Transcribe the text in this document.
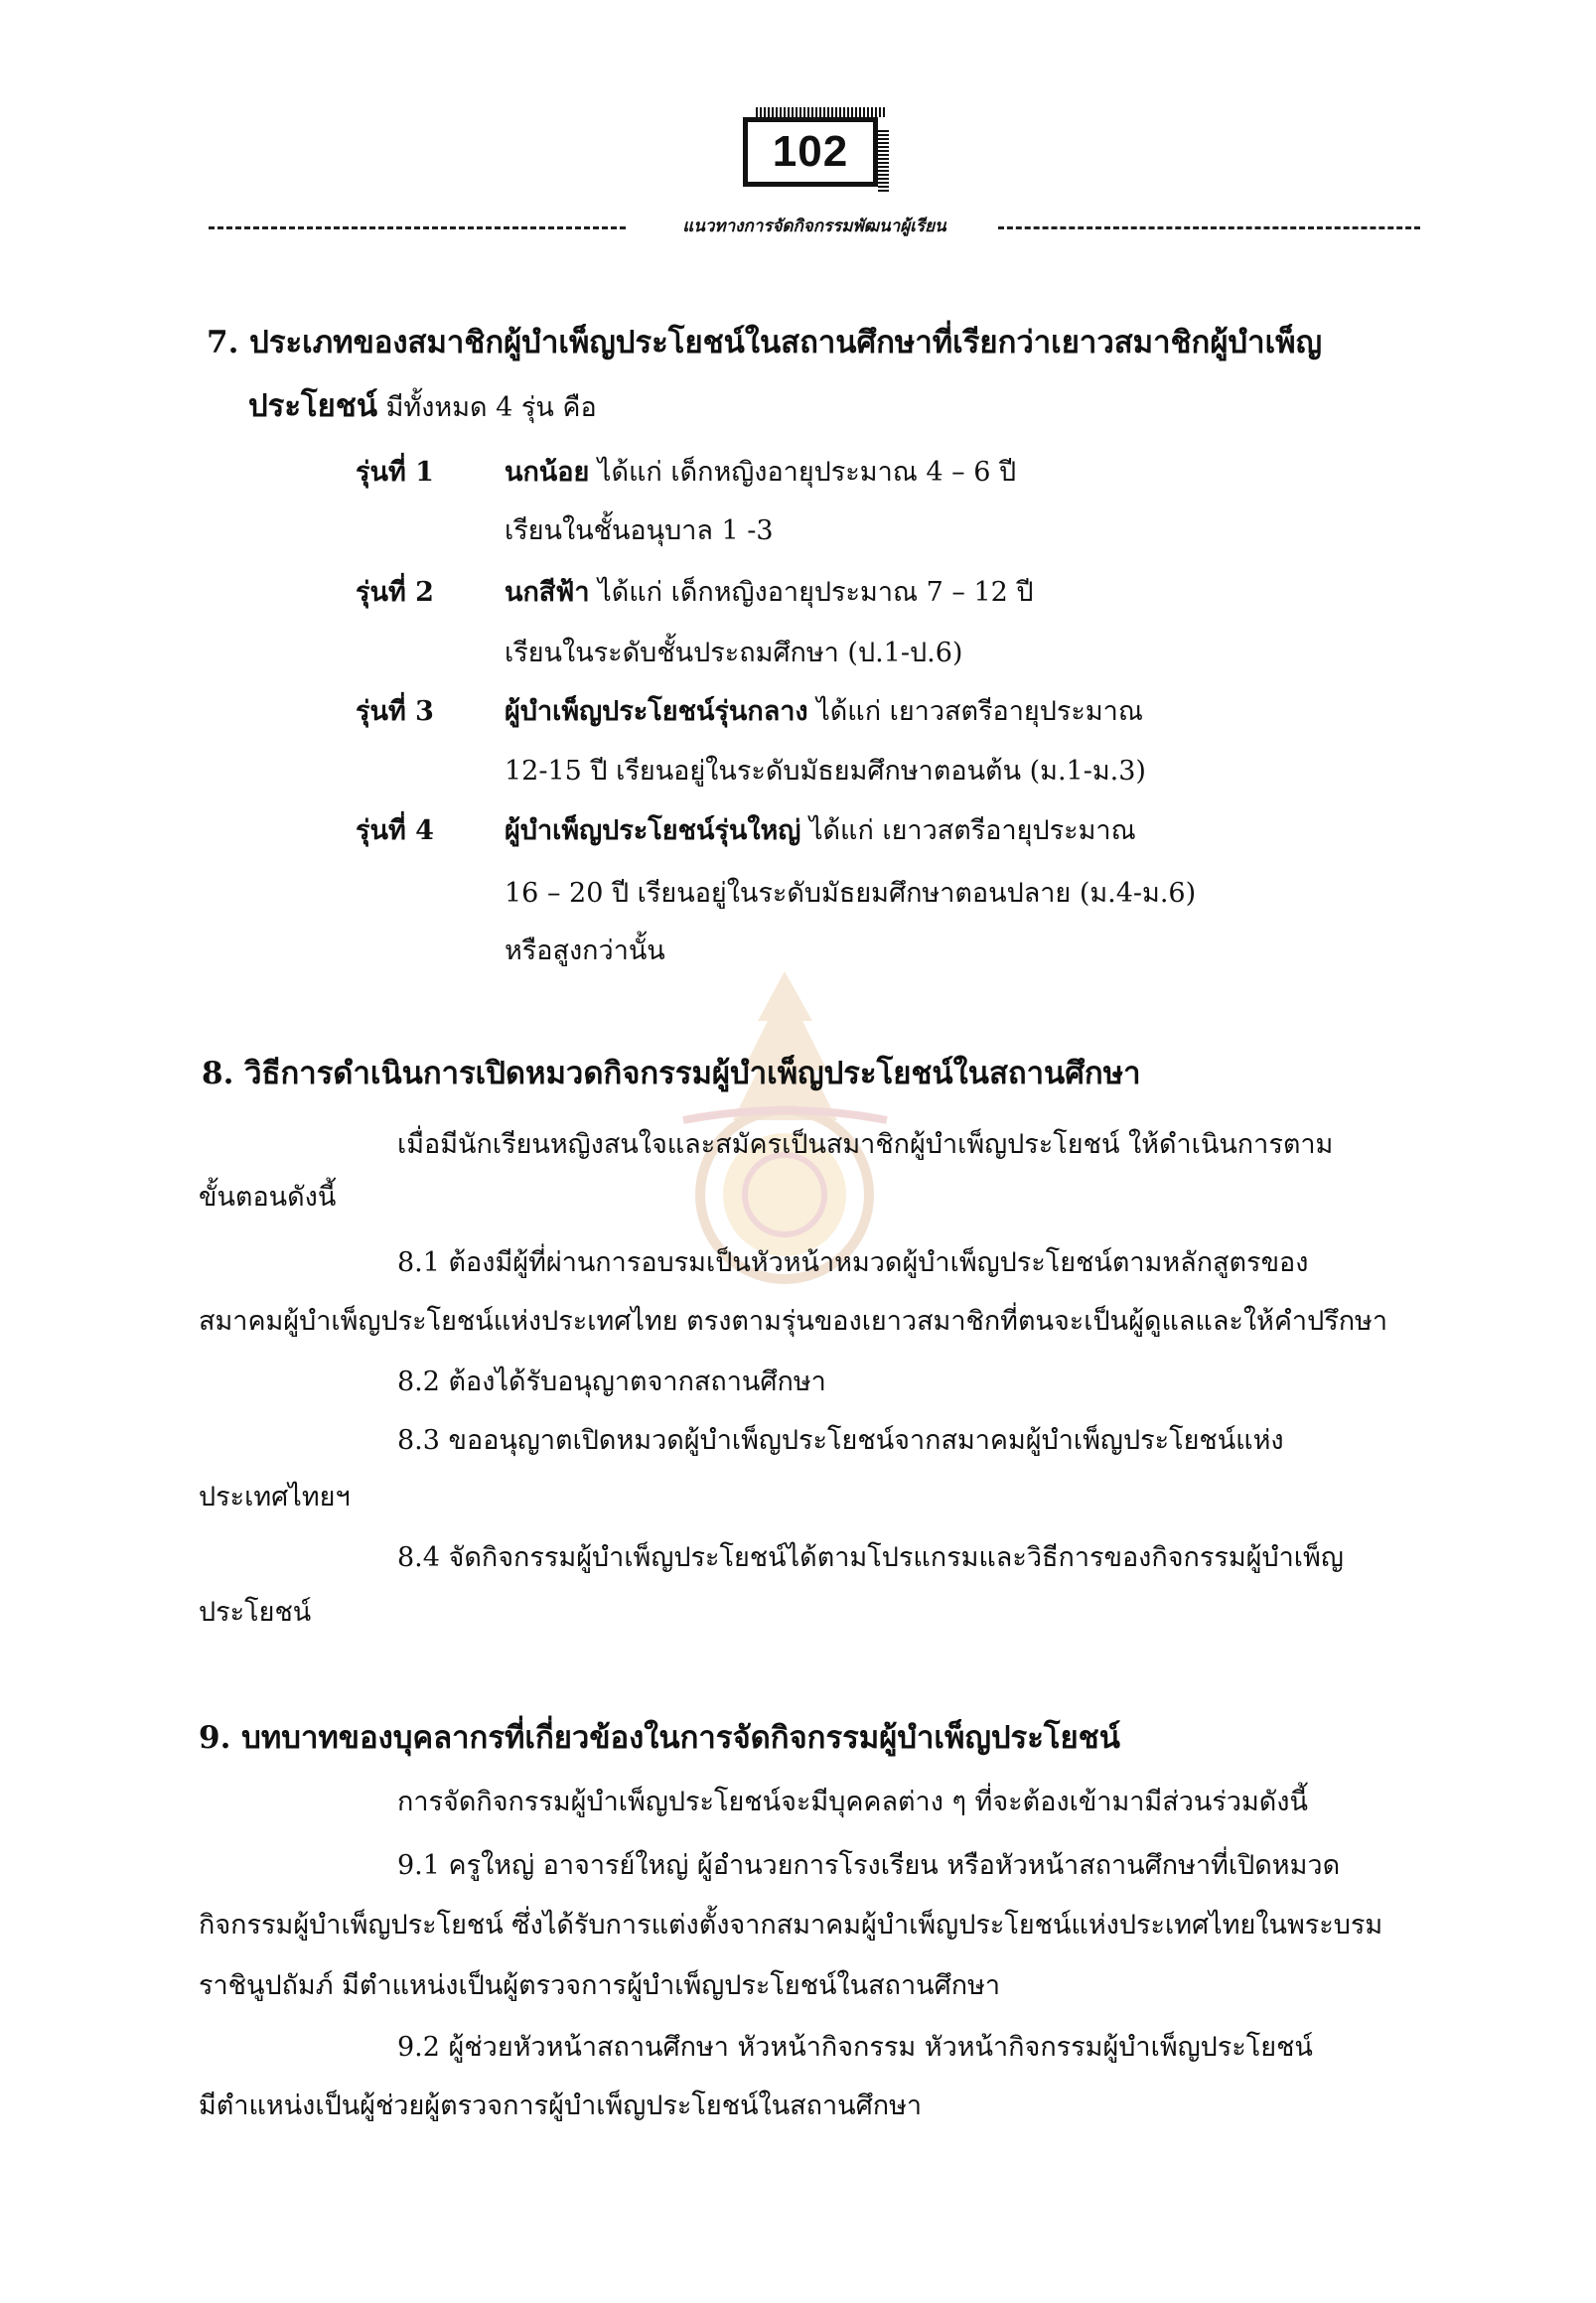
102
แนวทางการจัดกิจกรรมพัฒนาผู้เรียน
7. ประเภทของสมาชิกผู้บำเพ็ญประโยชน์ในสถานศึกษาที่เรียกว่าเยาวสมาชิกผู้บำเพ็ญ
ประโยชน์ มีทั้งหมด 4 รุ่น คือ
รุ่นที่ 1	นกน้อย ได้แก่ เด็กหญิงอายุประมาณ 4 – 6 ปี
เรียนในชั้นอนุบาล 1 -3
รุ่นที่ 2	นกสีฟ้า ได้แก่ เด็กหญิงอายุประมาณ 7 – 12 ปี
เรียนในระดับชั้นประถมศึกษา (ป.1-ป.6)
รุ่นที่ 3	ผู้บำเพ็ญประโยชน์รุ่นกลาง ได้แก่ เยาวสตรีอายุประมาณ
12-15 ปี เรียนอยู่ในระดับมัธยมศึกษาตอนต้น (ม.1-ม.3)
รุ่นที่ 4	ผู้บำเพ็ญประโยชน์รุ่นใหญ่ ได้แก่ เยาวสตรีอายุประมาณ
16 – 20 ปี เรียนอยู่ในระดับมัธยมศึกษาตอนปลาย (ม.4-ม.6)
หรือสูงกว่านั้น
8. วิธีการดำเนินการเปิดหมวดกิจกรรมผู้บำเพ็ญประโยชน์ในสถานศึกษา
เมื่อมีนักเรียนหญิงสนใจและสมัครเป็นสมาชิกผู้บำเพ็ญประโยชน์ ให้ดำเนินการตาม
ขั้นตอนดังนี้
8.1 ต้องมีผู้ที่ผ่านการอบรมเป็นหัวหน้าหมวดผู้บำเพ็ญประโยชน์ตามหลักสูตรของ
สมาคมผู้บำเพ็ญประโยชน์แห่งประเทศไทย ตรงตามรุ่นของเยาวสมาชิกที่ตนจะเป็นผู้ดูแลและให้คำปรึกษา
8.2 ต้องได้รับอนุญาตจากสถานศึกษา
8.3 ขออนุญาตเปิดหมวดผู้บำเพ็ญประโยชน์จากสมาคมผู้บำเพ็ญประโยชน์แห่ง
ประเทศไทยฯ
8.4 จัดกิจกรรมผู้บำเพ็ญประโยชน์ได้ตามโปรแกรมและวิธีการของกิจกรรมผู้บำเพ็ญ
ประโยชน์
9. บทบาทของบุคลากรที่เกี่ยวข้องในการจัดกิจกรรมผู้บำเพ็ญประโยชน์
การจัดกิจกรรมผู้บำเพ็ญประโยชน์จะมีบุคคลต่าง ๆ ที่จะต้องเข้ามามีส่วนร่วมดังนี้
9.1 ครูใหญ่ อาจารย์ใหญ่ ผู้อำนวยการโรงเรียน หรือหัวหน้าสถานศึกษาที่เปิดหมวด
กิจกรรมผู้บำเพ็ญประโยชน์ ซึ่งได้รับการแต่งตั้งจากสมาคมผู้บำเพ็ญประโยชน์แห่งประเทศไทยในพระบรม
ราชินูปถัมภ์ มีตำแหน่งเป็นผู้ตรวจการผู้บำเพ็ญประโยชน์ในสถานศึกษา
9.2 ผู้ช่วยหัวหน้าสถานศึกษา หัวหน้ากิจกรรม หัวหน้ากิจกรรมผู้บำเพ็ญประโยชน์
มีตำแหน่งเป็นผู้ช่วยผู้ตรวจการผู้บำเพ็ญประโยชน์ในสถานศึกษา
